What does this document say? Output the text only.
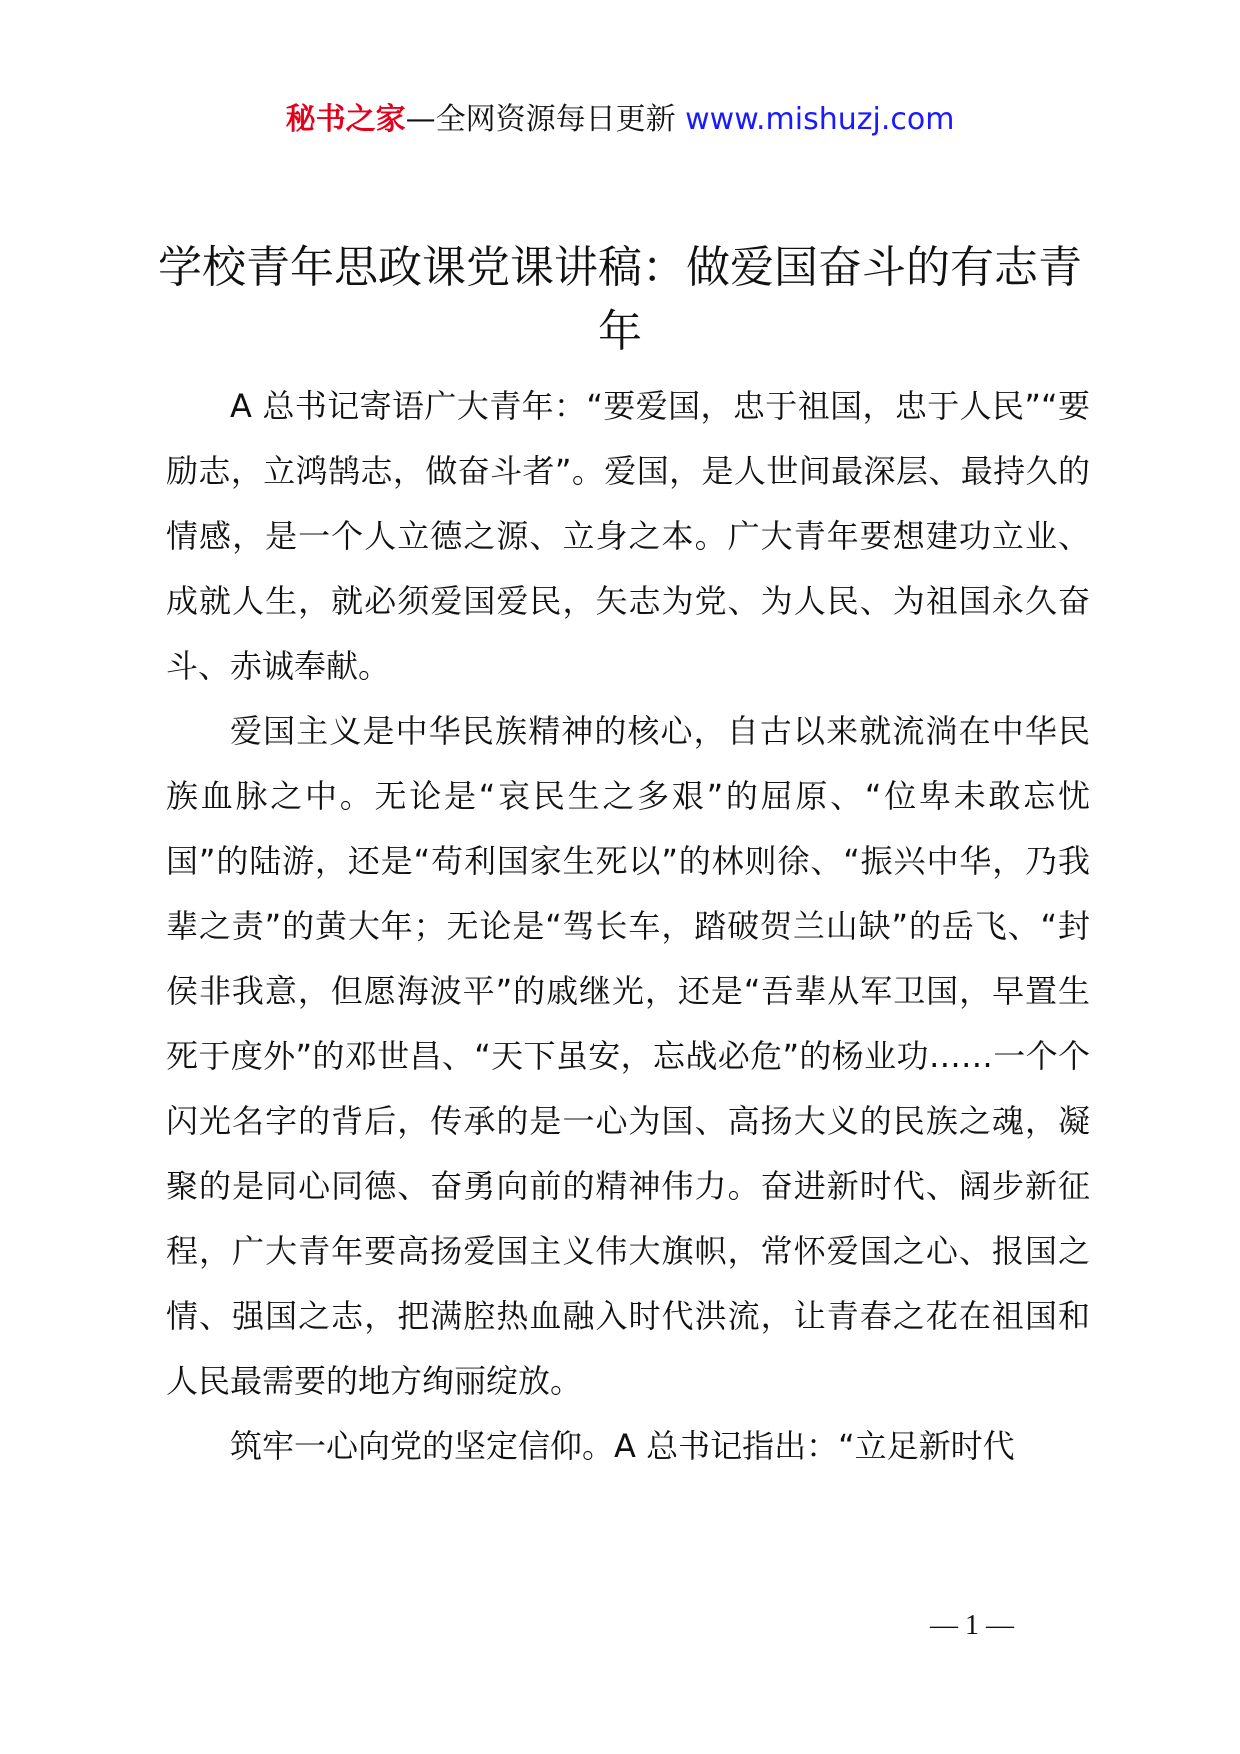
秘书之家—全网资源每日更新 www.mishuzj.com
学校青年思政课党课讲稿：做爱国奋斗的有志青年

A 总书记寄语广大青年：“要爱国，忠于祖国，忠于人民”“要励志，立鸿鹄志，做奋斗者”。爱国，是人世间最深层、最持久的情感，是一个人立德之源、立身之本。广大青年要想建功立业、成就人生，就必须爱国爱民，矢志为党、为人民、为祖国永久奋斗、赤诚奉献。

爱国主义是中华民族精神的核心，自古以来就流淌在中华民族血脉之中。无论是“哀民生之多艰”的屈原、“位卑未敢忘忧国”的陆游，还是“苟利国家生死以”的林则徐、“振兴中华，乃我辈之责”的黄大年；无论是“驾长车，踏破贺兰山缺”的岳飞、“封侯非我意，但愿海波平”的戚继光，还是“吾辈从军卫国，早置生死于度外”的邓世昌、“天下虽安，忘战必危”的杨业功……一个个闪光名字的背后，传承的是一心为国、高扬大义的民族之魂，凝聚的是同心同德、奋勇向前的精神伟力。奋进新时代、阔步新征程，广大青年要高扬爱国主义伟大旗帜，常怀爱国之心、报国之情、强国之志，把满腔热血融入时代洪流，让青春之花在祖国和人民最需要的地方绚丽绽放。

筑牢一心向党的坚定信仰。A 总书记指出：“立足新时代

— 1 —
